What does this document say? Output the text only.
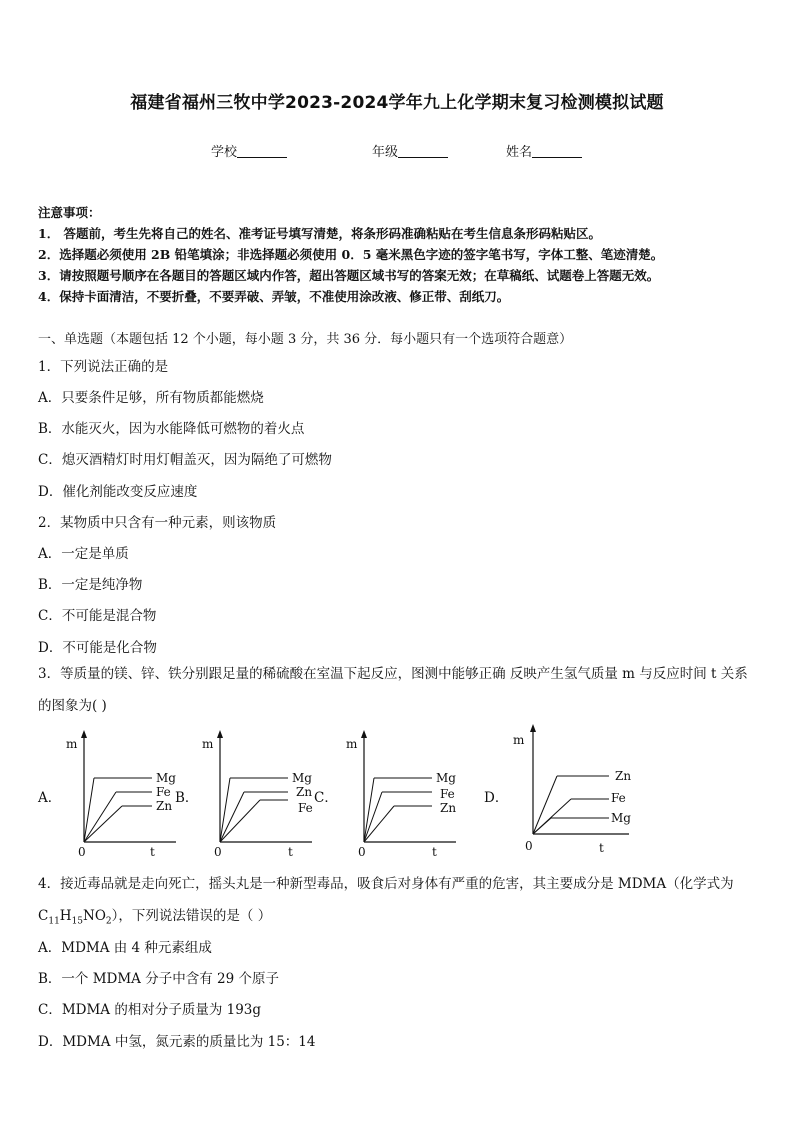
福建省福州三牧中学2023-2024学年九上化学期末复习检测模拟试题
学校	年级	姓名
注意事项：
1． 答题前，考生先将自己的姓名、准考证号填写清楚，将条形码准确粘贴在考生信息条形码粘贴区。
2．选择题必须使用 2B 铅笔填涂；非选择题必须使用 0．5 毫米黑色字迹的签字笔书写，字体工整、笔迹清楚。
3．请按照题号顺序在各题目的答题区域内作答，超出答题区域书写的答案无效；在草稿纸、试题卷上答题无效。
4．保持卡面清洁，不要折叠，不要弄破、弄皱，不准使用涂改液、修正带、刮纸刀。
一、单选题（本题包括 12 个小题，每小题 3 分，共 36 分．每小题只有一个选项符合题意）
1．下列说法正确的是
A．只要条件足够，所有物质都能燃烧
B．水能灭火，因为水能降低可燃物的着火点
C．熄灭酒精灯时用灯帽盖灭，因为隔绝了可燃物
D．催化剂能改变反应速度
2．某物质中只含有一种元素，则该物质
A．一定是单质
B．一定是纯净物
C．不可能是混合物
D．不可能是化合物
3．等质量的镁、锌、铁分别跟足量的稀硫酸在室温下起反应，图测中能够正确 反映产生氢气质量 m 与反应时间 t 关系的图象为( )
A．
m
0	t
Mg
Fe
Zn B．
m
0	t
Mg
Zn
Fe
C．
m
0	t
Mg
Fe
Zn
D．
m
0	t
Zn
Fe
Mg
4．接近毒品就是走向死亡，摇头丸是一种新型毒品，吸食后对身体有严重的危害，其主要成分是 MDMA（化学式为 $C_{11}H_{15}NO_2$），下列说法错误的是（ ）
A．MDMA 由 4 种元素组成
B．一个 MDMA 分子中含有 29 个原子
C．MDMA 的相对分子质量为 193g
D．MDMA 中氢，氮元素的质量比为 15：14
